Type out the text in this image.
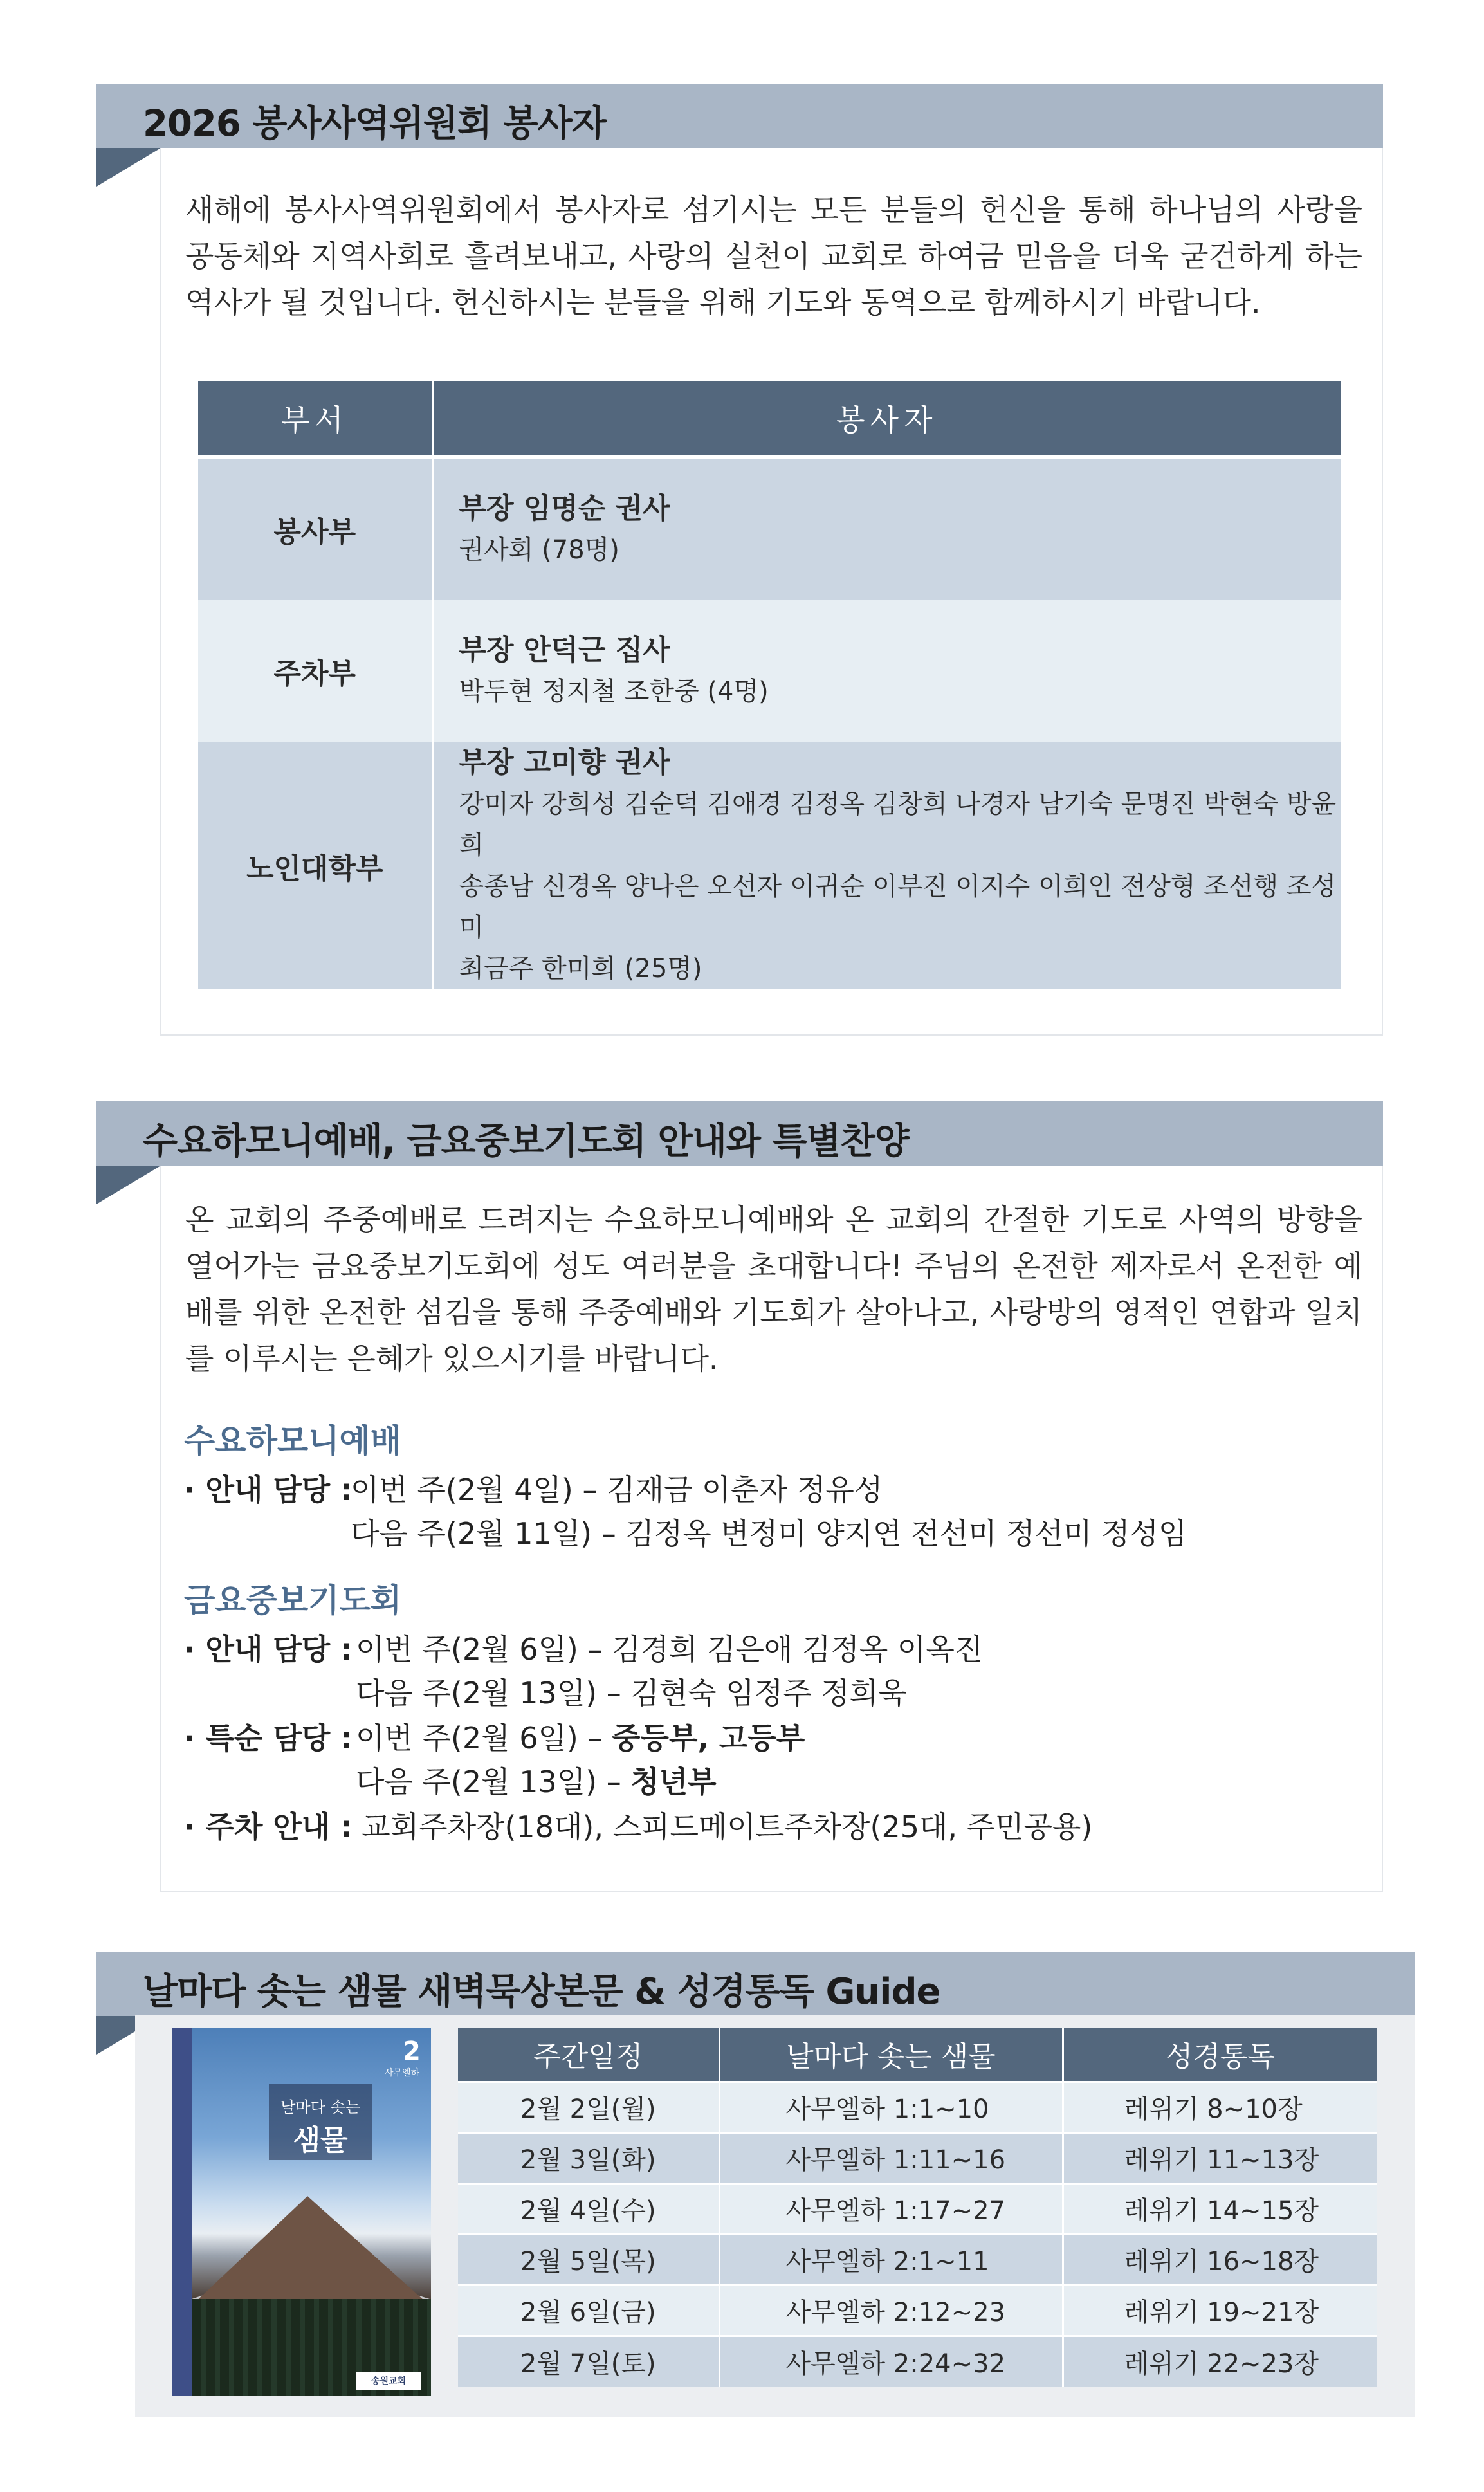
2026 봉사사역위원회 봉사자

새해에 봉사사역위원회에서 봉사자로 섬기시는 모든 분들의 헌신을 통해 하나님의 사랑을 공동체와 지역사회로 흘려보내고, 사랑의 실천이 교회로 하여금 믿음을 더욱 굳건하게 하는 역사가 될 것입니다. 헌신하시는 분들을 위해 기도와 동역으로 함께하시기 바랍니다.

부서	봉사자
봉사부	부장 임명순 권사
권사회 (78명)

주차부	부장 안덕근 집사
박두현 정지철 조한중 (4명)

노인대학부	부장 고미향 권사
강미자 강희성 김순덕 김애경 김정옥 김창희 나경자 남기숙 문명진 박현숙 방윤희
송종남 신경옥 양나은 오선자 이귀순 이부진 이지수 이희인 전상형 조선행 조성미
최금주 한미희 (25명)
수요하모니예배, 금요중보기도회 안내와 특별찬양

온 교회의 주중예배로 드려지는 수요하모니예배와 온 교회의 간절한 기도로 사역의 방향을 열어가는 금요중보기도회에 성도 여러분을 초대합니다! 주님의 온전한 제자로서 온전한 예배를 위한 온전한 섬김을 통해 주중예배와 기도회가 살아나고, 사랑방의 영적인 연합과 일치를 이루시는 은혜가 있으시기를 바랍니다.

수요하모니예배
· 안내 담당 :
이번 주(2월 4일) – 김재금 이춘자 정유성
다음 주(2월 11일) – 김정옥 변정미 양지연 전선미 정선미 정성임
금요중보기도회
· 안내 담당 : 이번 주(2월 6일) – 김경희 김은애 김정옥 이옥진
다음 주(2월 13일) – 김현숙 임정주 정희욱
· 특순 담당 : 이번 주(2월 6일) – 중등부, 고등부
다음 주(2월 13일) – 청년부
· 주차 안내 : 교회주차장(18대), 스피드메이트주차장(25대, 주민공용)
날마다 솟는 샘물 새벽묵상본문 & 성경통독 Guide
2
사무엘하
날마다 솟는
샘물
송원교회
주간일정	날마다 솟는 샘물	성경통독
2월 2일(월)	사무엘하 1:1~10	레위기 8~10장
2월 3일(화)	사무엘하 1:11~16	레위기 11~13장
2월 4일(수)	사무엘하 1:17~27	레위기 14~15장
2월 5일(목)	사무엘하 2:1~11	레위기 16~18장
2월 6일(금)	사무엘하 2:12~23	레위기 19~21장
2월 7일(토)	사무엘하 2:24~32	레위기 22~23장
